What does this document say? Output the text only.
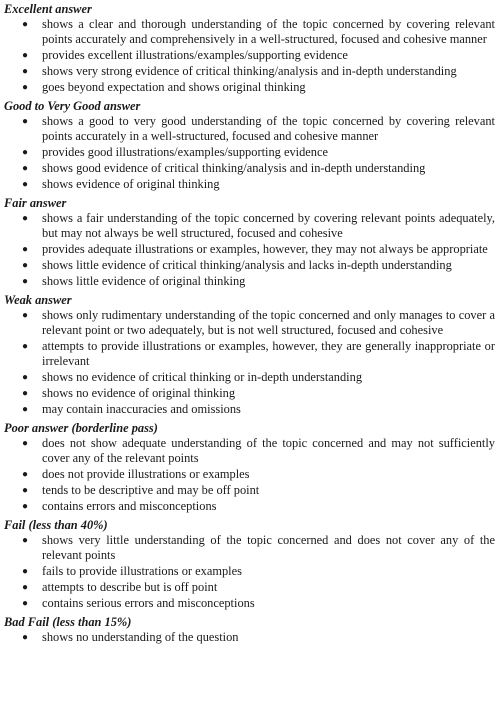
Excellent answer
● shows a clear and thorough understanding of the topic concerned by covering relevant points accurately and comprehensively in a well-structured, focused and cohesive manner
● provides excellent illustrations/examples/supporting evidence
● shows very strong evidence of critical thinking/analysis and in-depth understanding
● goes beyond expectation and shows original thinking
Good to Very Good answer
● shows a good to very good understanding of the topic concerned by covering relevant points accurately in a well-structured, focused and cohesive manner
● provides good illustrations/examples/supporting evidence
● shows good evidence of critical thinking/analysis and in-depth understanding
● shows evidence of original thinking
Fair answer
● shows a fair understanding of the topic concerned by covering relevant points adequately, but may not always be well structured, focused and cohesive
● provides adequate illustrations or examples, however, they may not always be appropriate
● shows little evidence of critical thinking/analysis and lacks in-depth understanding
● shows little evidence of original thinking
Weak answer
● shows only rudimentary understanding of the topic concerned and only manages to cover a relevant point or two adequately, but is not well structured, focused and cohesive
● attempts to provide illustrations or examples, however, they are generally inappropriate or irrelevant
● shows no evidence of critical thinking or in-depth understanding
● shows no evidence of original thinking
● may contain inaccuracies and omissions
Poor answer (borderline pass)
● does not show adequate understanding of the topic concerned and may not sufficiently cover any of the relevant points
● does not provide illustrations or examples
● tends to be descriptive and may be off point
● contains errors and misconceptions
Fail (less than 40%)
● shows very little understanding of the topic concerned and does not cover any of the relevant points
● fails to provide illustrations or examples
● attempts to describe but is off point
● contains serious errors and misconceptions
Bad Fail (less than 15%)
● shows no understanding of the question
